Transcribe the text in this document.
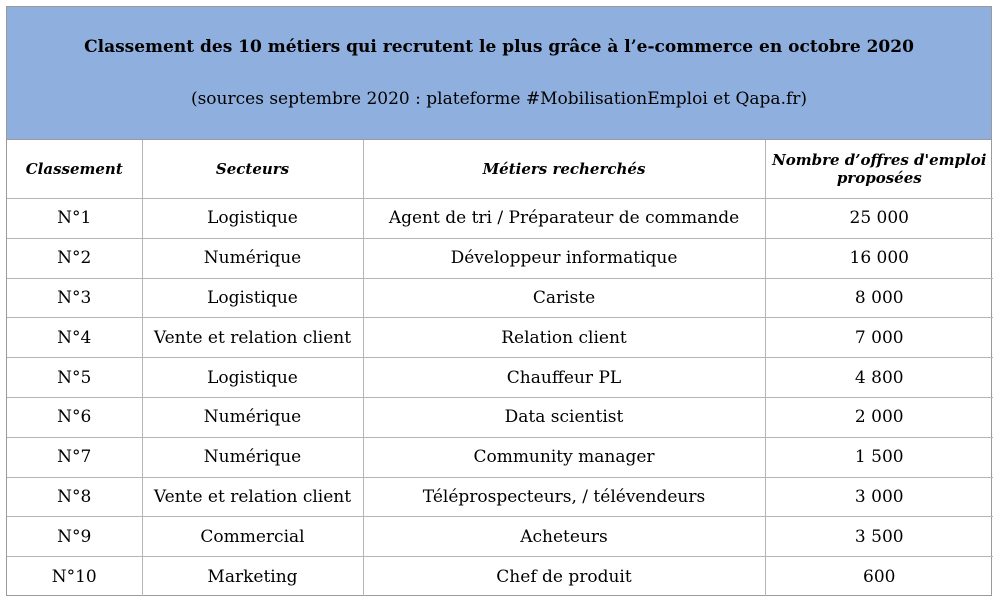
Classement des 10 métiers qui recrutent le plus grâce à l’e-commerce en octobre 2020
(sources septembre 2020 : plateforme #MobilisationEmploi et Qapa.fr)
Classement	Secteurs	Métiers recherchés	Nombre d’offres d'emploi proposées
N°1	Logistique	Agent de tri / Préparateur de commande	25 000
N°2	Numérique	Développeur informatique	16 000
N°3	Logistique	Cariste	8 000
N°4	Vente et relation client	Relation client	7 000
N°5	Logistique	Chauffeur PL	4 800
N°6	Numérique	Data scientist	2 000
N°7	Numérique	Community manager	1 500
N°8	Vente et relation client	Téléprospecteurs, / télévendeurs	3 000
N°9	Commercial	Acheteurs	3 500
N°10	Marketing	Chef de produit	600
